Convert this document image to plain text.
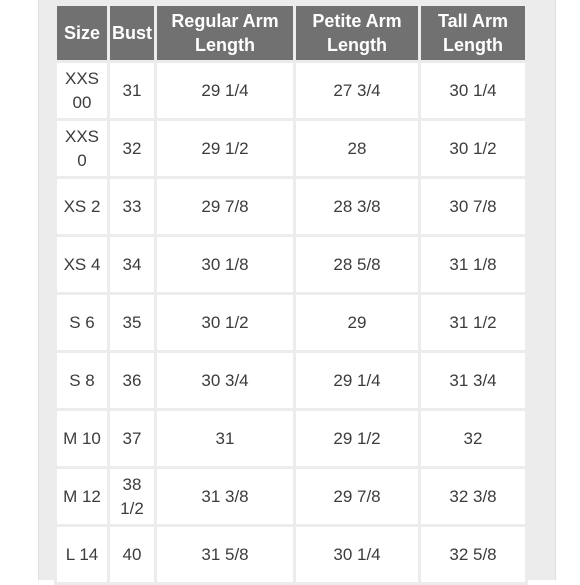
Size	Bust	Regular Arm Length	Petite Arm Length	Tall Arm Length
XXS 00	31	29 1/4	27 3/4	30 1/4
XXS 0	32	29 1/2	28	30 1/2
XS 2	33	29 7/8	28 3/8	30 7/8
XS 4	34	30 1/8	28 5/8	31 1/8
S 6	35	30 1/2	29	31 1/2
S 8	36	30 3/4	29 1/4	31 3/4
M 10	37	31	29 1/2	32
M 12	38 1/2	31 3/8	29 7/8	32 3/8
L 14	40	31 5/8	30 1/4	32 5/8
